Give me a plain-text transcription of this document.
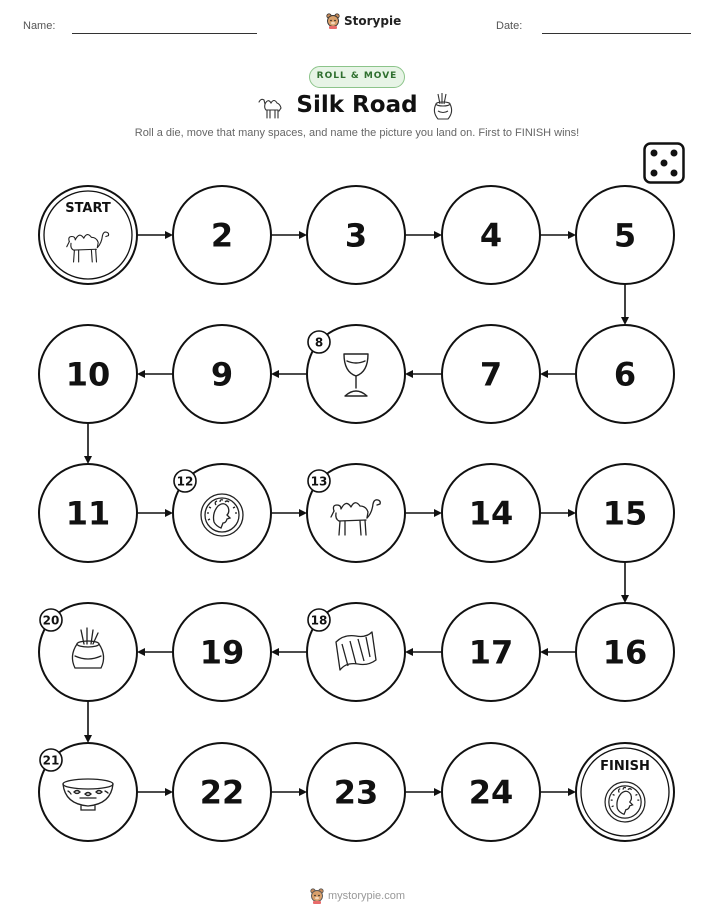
Name:	Storypie	Date:
ROLL & MOVE
Silk Road
Roll a die, move that many spaces, and name the picture you land on. First to FINISH wins!
START
2	3	4	5
6
7
8
9
10
11
12	13
14	15
16
17
18
19
20
21
22	23	24
FINISH
mystorypie.com
